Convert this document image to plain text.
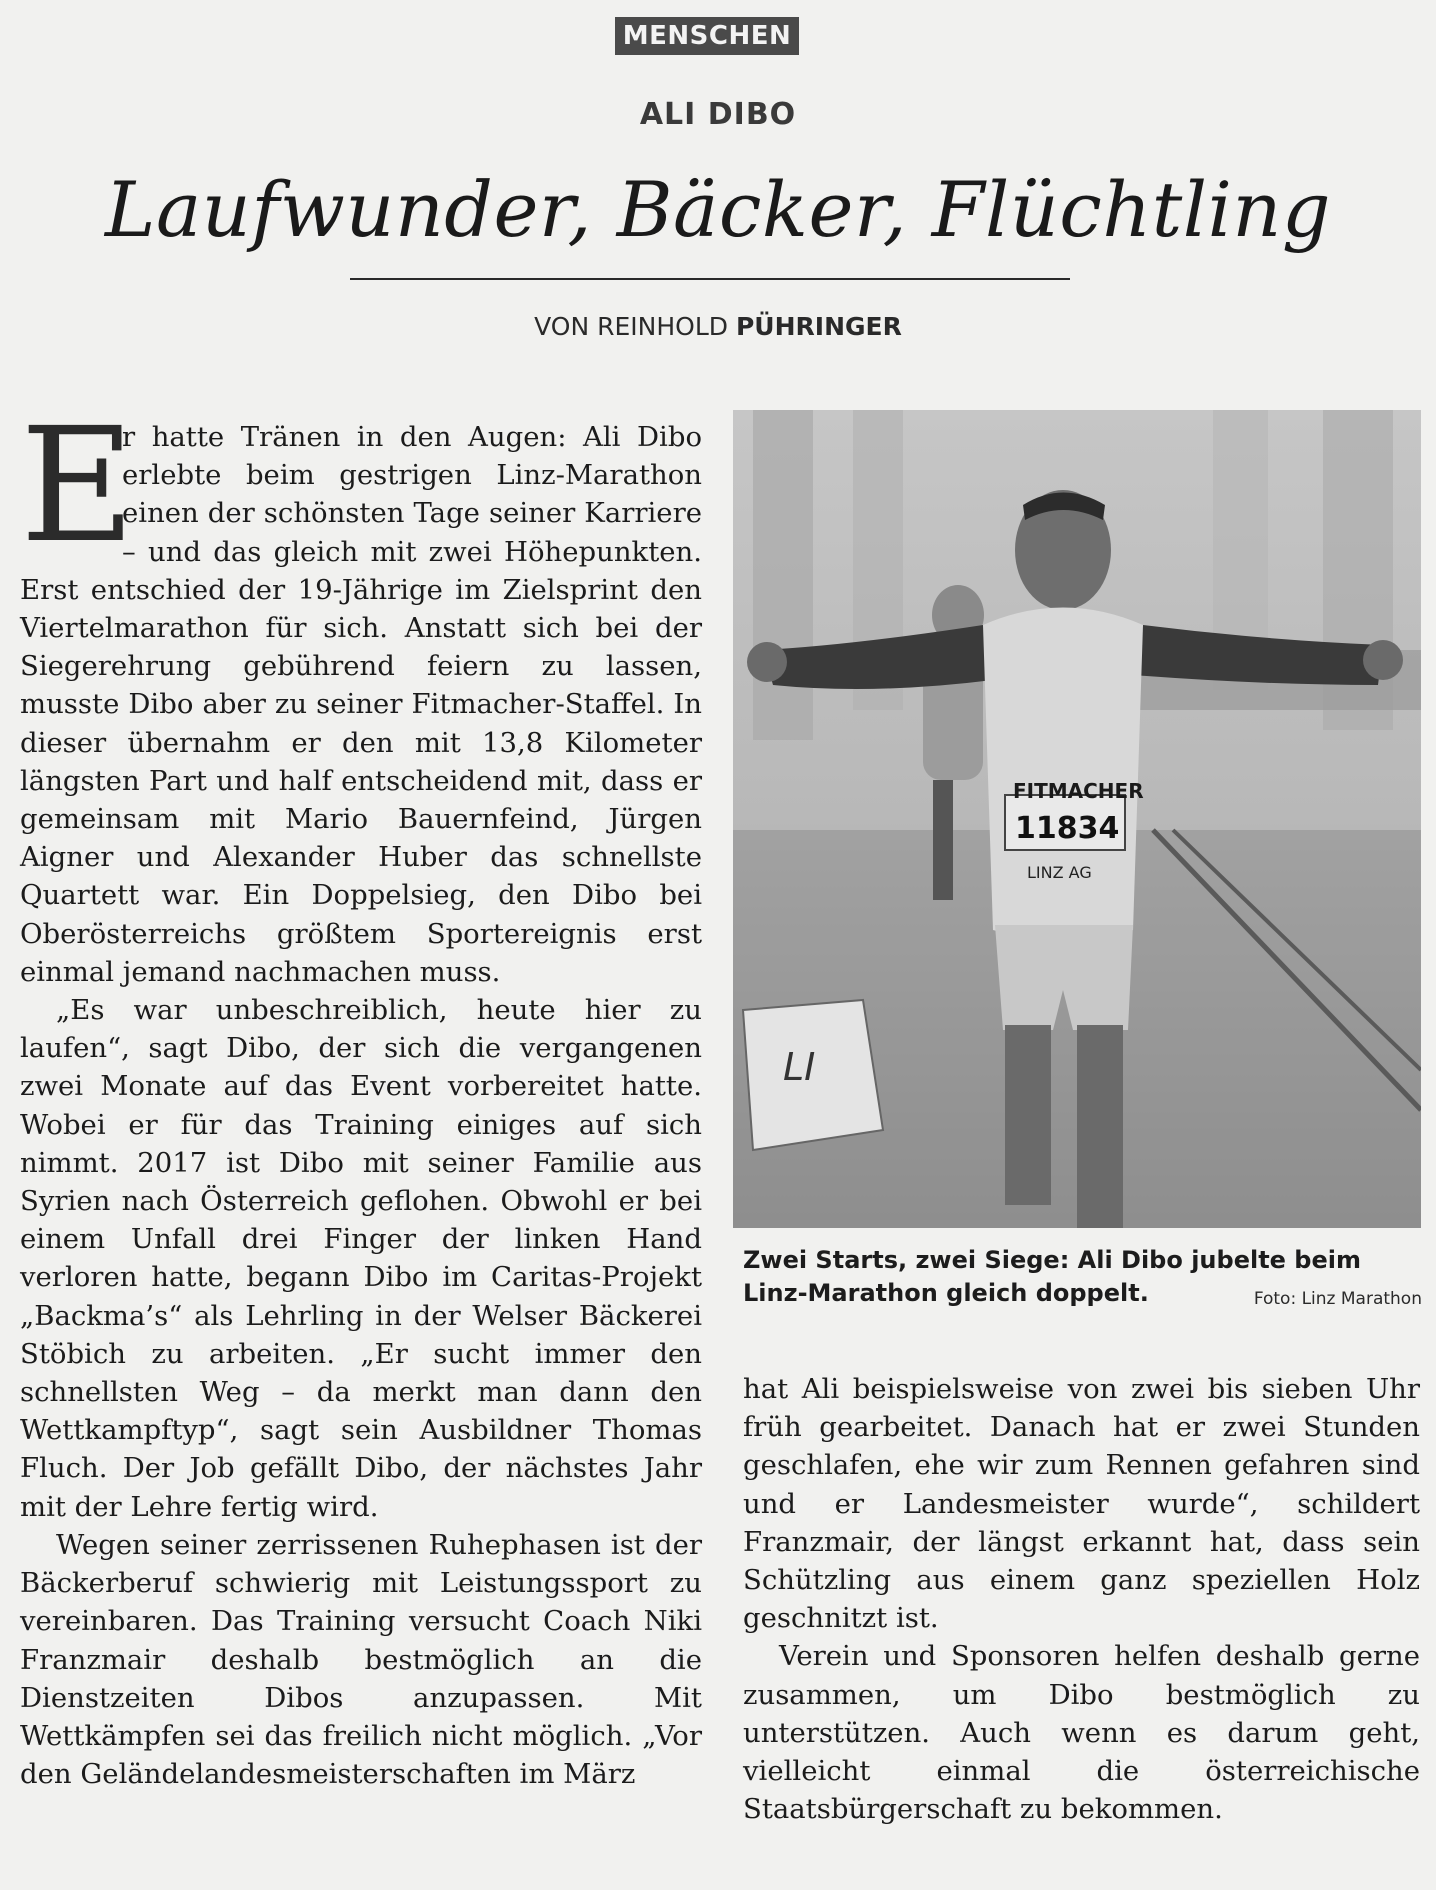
MENSCHEN
ALI DIBO
Laufwunder, Bäcker, Flüchtling
VON REINHOLD PÜHRINGER

E
r hatte Tränen in den Augen: Ali Dibo erlebte beim gestrigen Linz-Marathon einen der schönsten Tage seiner Karriere – und das gleich mit zwei Höhepunkten. Erst entschied der 19-Jährige im Zielsprint den Viertelmarathon für sich. Anstatt sich bei der Siegerehrung gebührend feiern zu lassen, musste Dibo aber zu seiner Fitmacher-Staffel. In dieser übernahm er den mit 13,8 Kilometer längsten Part und half entscheidend mit, dass er gemeinsam mit Mario Bauernfeind, Jürgen Aigner und Alexander Huber das schnellste Quartett war. Ein Doppelsieg, den Dibo bei Oberösterreichs größtem Sportereignis erst einmal jemand nachmachen muss.

„Es war unbeschreiblich, heute hier zu laufen“, sagt Dibo, der sich die vergangenen zwei Monate auf das Event vorbereitet hatte. Wobei er für das Training einiges auf sich nimmt. 2017 ist Dibo mit seiner Familie aus Syrien nach Österreich geflohen. Obwohl er bei einem Unfall drei Finger der linken Hand verloren hatte, begann Dibo im Caritas-Projekt „Backma’s“ als Lehrling in der Welser Bäckerei Stöbich zu arbeiten. „Er sucht immer den schnellsten Weg – da merkt man dann den Wettkampftyp“, sagt sein Ausbildner Thomas Fluch. Der Job gefällt Dibo, der nächstes Jahr mit der Lehre fertig wird.

Wegen seiner zerrissenen Ruhephasen ist der Bäckerberuf schwierig mit Leistungssport zu vereinbaren. Das Training versucht Coach Niki Franzmair deshalb bestmöglich an die Dienstzeiten Dibos anzupassen. Mit Wettkämpfen sei das freilich nicht möglich. „Vor den Geländelandesmeisterschaften im März

FITMACHER
11834
LINZ AG
LI
Zwei Starts, zwei Siege: Ali Dibo jubelte beim Linz-Marathon gleich doppelt.	Foto: Linz Marathon

hat Ali beispielsweise von zwei bis sieben Uhr früh gearbeitet. Danach hat er zwei Stunden geschlafen, ehe wir zum Rennen gefahren sind und er Landesmeister wurde“, schildert Franzmair, der längst erkannt hat, dass sein Schützling aus einem ganz speziellen Holz geschnitzt ist.

Verein und Sponsoren helfen deshalb gerne zusammen, um Dibo bestmöglich zu unterstützen. Auch wenn es darum geht, vielleicht einmal die österreichische Staatsbürgerschaft zu bekommen.
